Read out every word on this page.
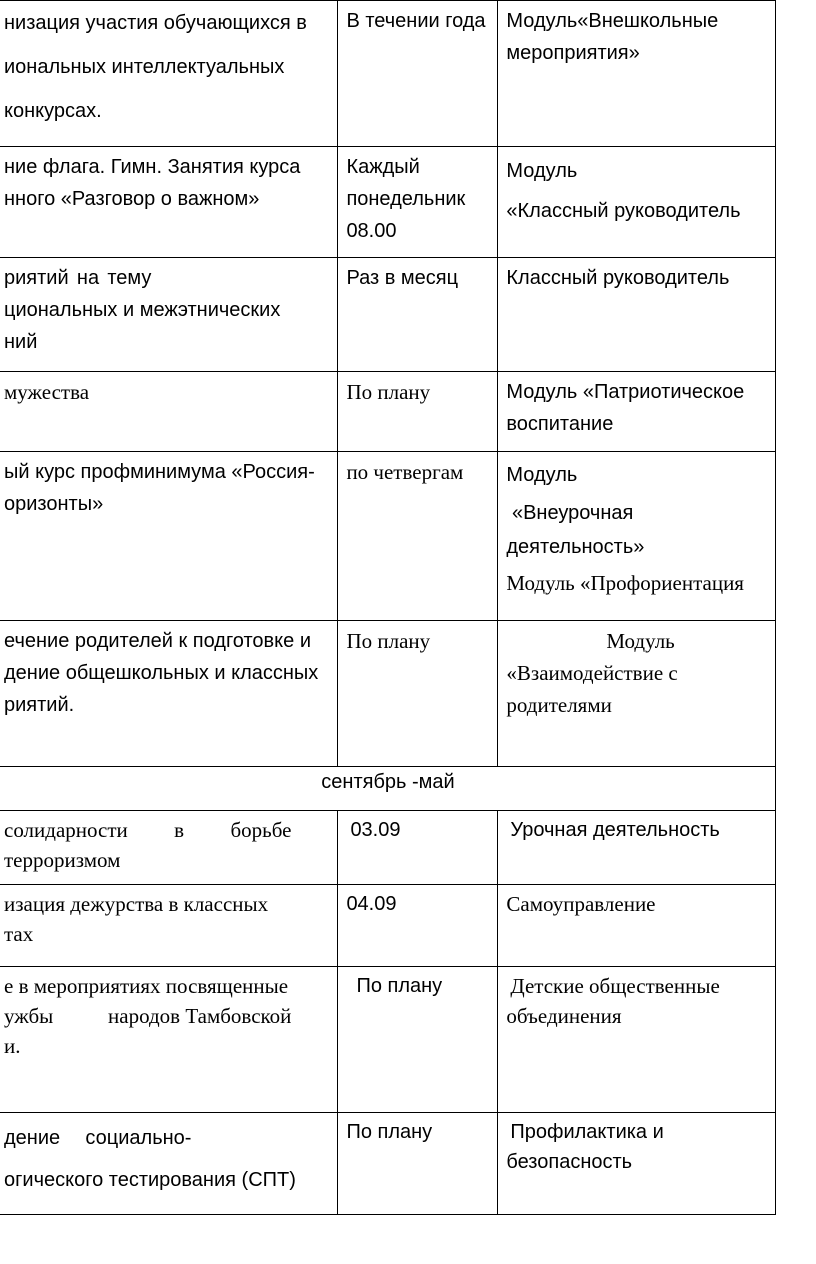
низация участия обучающихся в
иональных интеллектуальных
конкурсах.	В течении года	Модуль«Внешкольные
мероприятия»

ние флага. Гимн. Занятия курса
нного «Разговор о важном»	Каждый
понедельник
08.00	Модуль
«Классный руководитель

риятий на тему
циональных и межэтнических
ний	Раз в месяц	Классный руководитель

мужества	По плану	Модуль «Патриотическое
воспитание

ый курс профминимума «Россия-
оризонты»	по четвергам	Модуль
«Внеурочная
деятельность»
Модуль «Профориентация

ечение родителей к подготовке и
дение общешкольных и классных
риятий.	По плану	Модуль
«Взаимодействие с
родителями

сентябрь -май		

солидарности в борьбе
терроризмом	03.09	Урочная деятельность

изация дежурства в классных
тах	04.09	Самоуправление

е в мероприятиях посвященные
ужбы народов Тамбовской
и.	По плану	Детские общественные
объединения

дение социально-
огического тестирования (СПТ)	По плану	Профилактика и
безопасность
